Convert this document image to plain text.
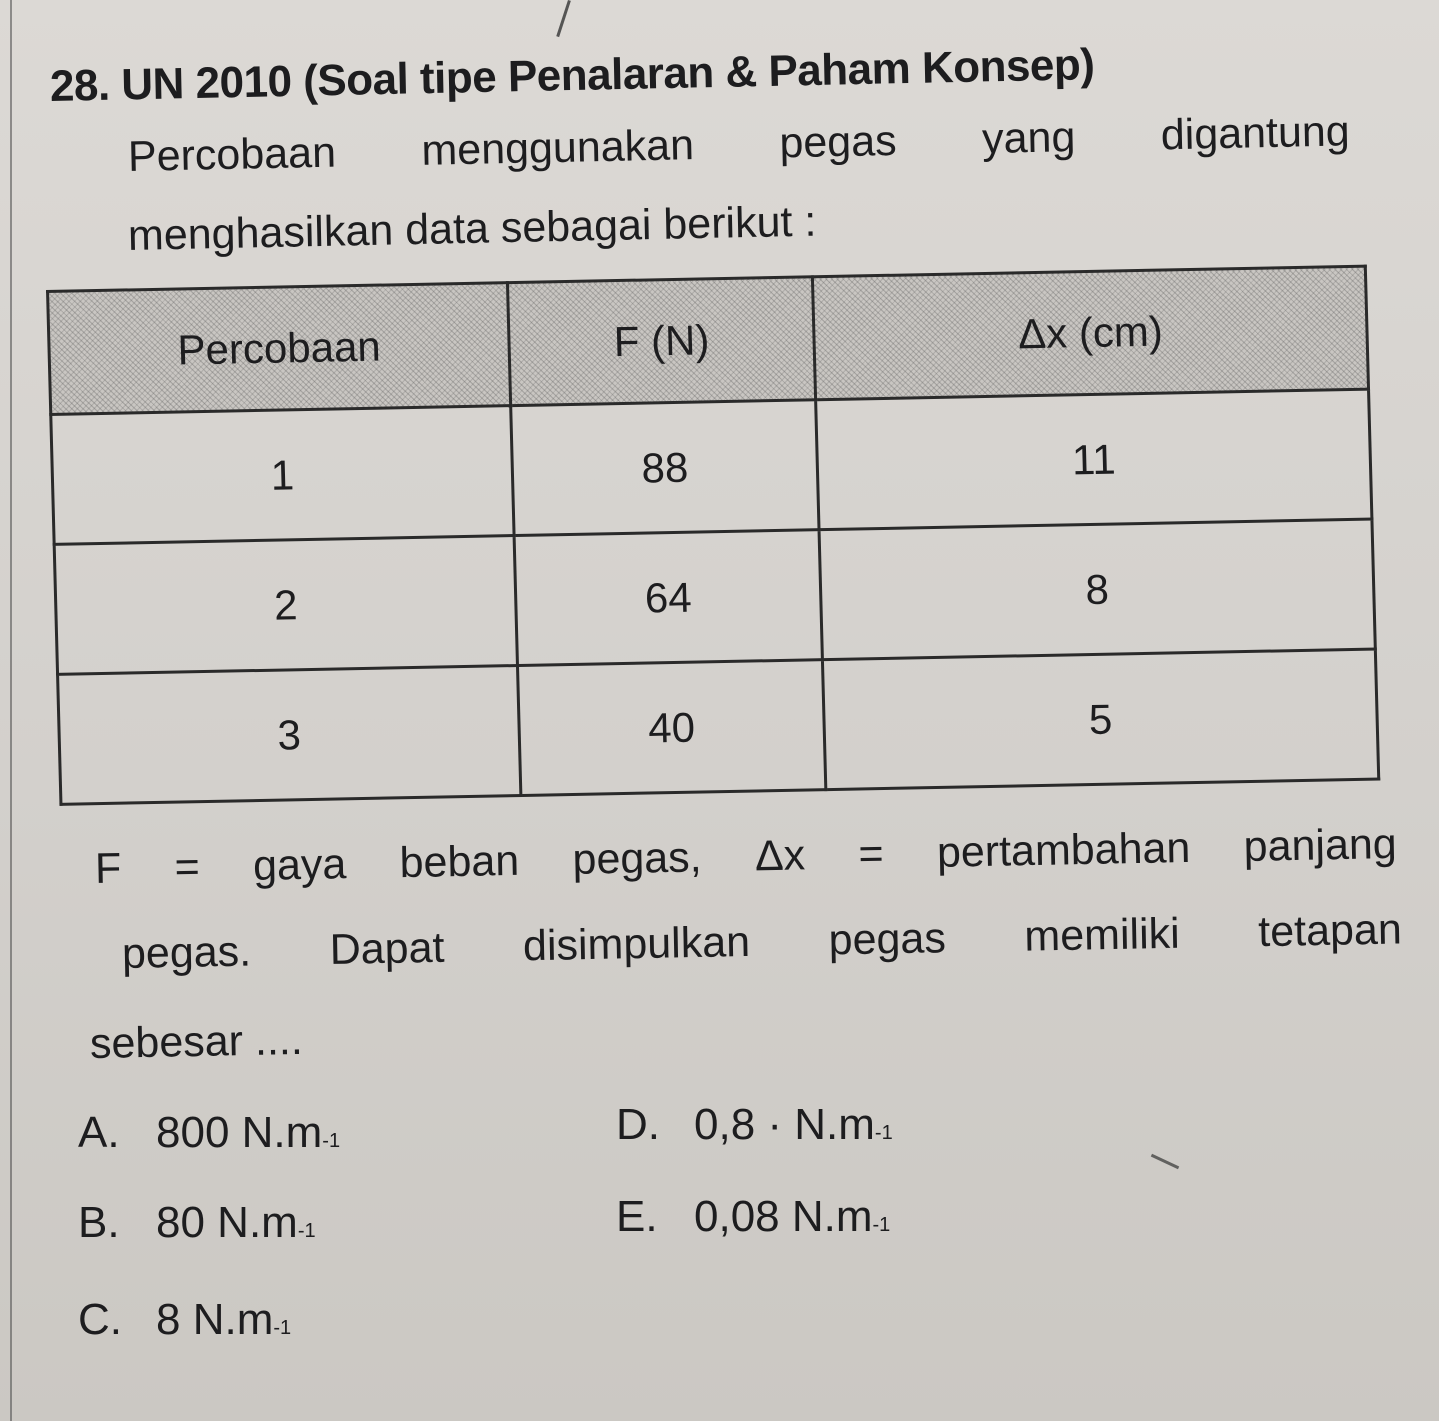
28. UN 2010 (Soal tipe Penalaran & Paham Konsep)
Percobaan menggunakan pegas yang digantung
menghasilkan data sebagai berikut :
Percobaan	F (N)	Δx (cm)
1	88	11
2	64	8
3	40	5
F = gaya beban pegas, Δx = pertambahan panjang
pegas. Dapat disimpulkan pegas memiliki tetapan
sebesar ....
A. 800 N.m -1
B. 80 N.m -1
C. 8 N.m -1
D. 0,8 · N.m -1
E. 0,08 N.m -1
